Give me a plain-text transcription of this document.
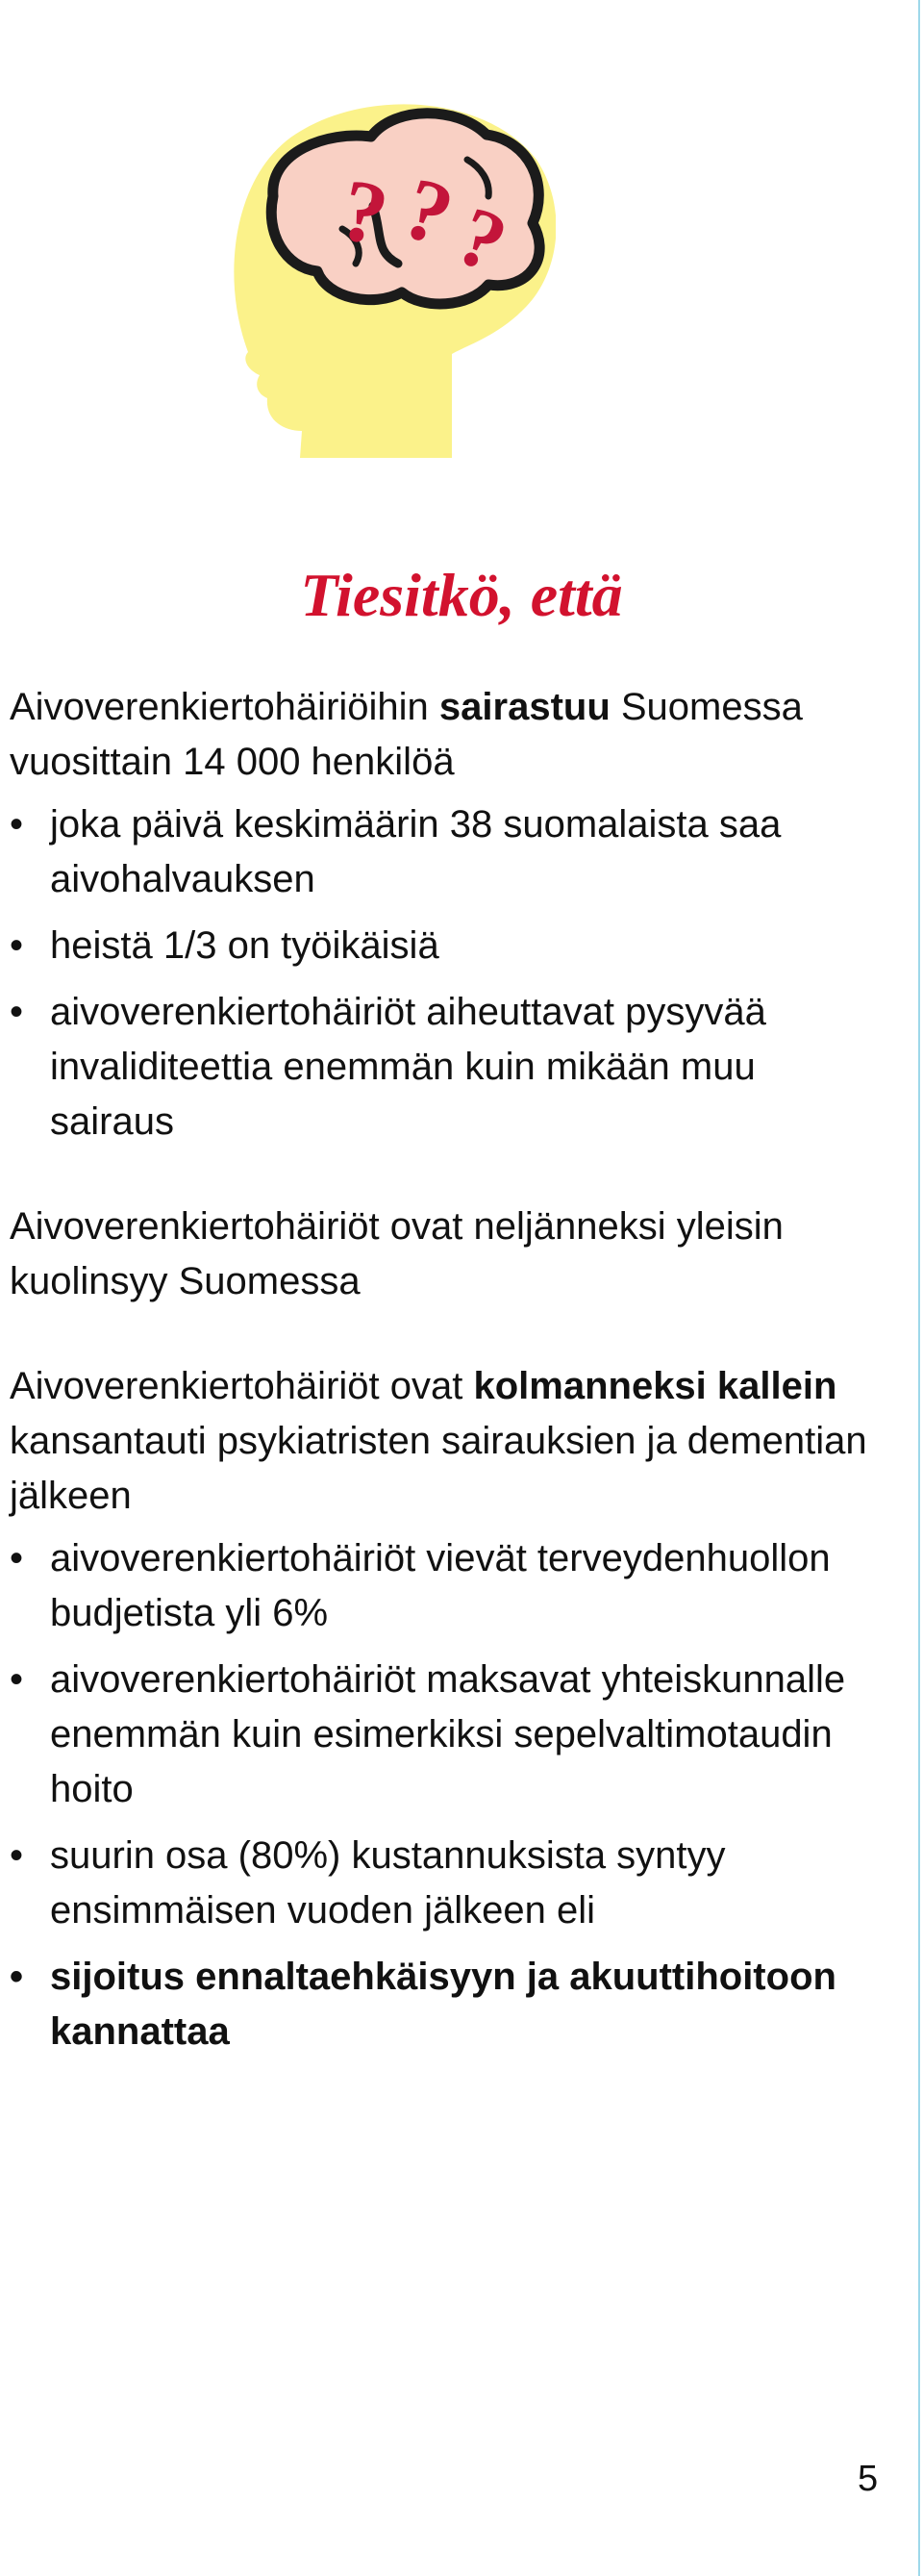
?
?
?
Tiesitkö, että

Aivoverenkiertohäiriöihin sairastuu Suomessa vuosittain 14 000 henkilöä

• joka päivä keskimäärin 38 suomalaista saa aivohalvauksen
• heistä 1/3 on työikäisiä
• aivoverenkiertohäiriöt aiheuttavat pysyvää invaliditeettia enemmän kuin mikään muu sairaus

Aivoverenkiertohäiriöt ovat neljänneksi yleisin kuolinsyy Suomessa

Aivoverenkiertohäiriöt ovat kolmanneksi kallein kansantauti psykiatristen sairauksien ja dementian jälkeen

• aivoverenkiertohäiriöt vievät terveydenhuollon budjetista yli 6%
• aivoverenkiertohäiriöt maksavat yhteiskunnalle enemmän kuin esimerkiksi sepelvaltimotaudin hoito
• suurin osa (80%) kustannuksista syntyy ensimmäisen vuoden jälkeen eli
• sijoitus ennaltaehkäisyyn ja akuuttihoitoon kannattaa
5
